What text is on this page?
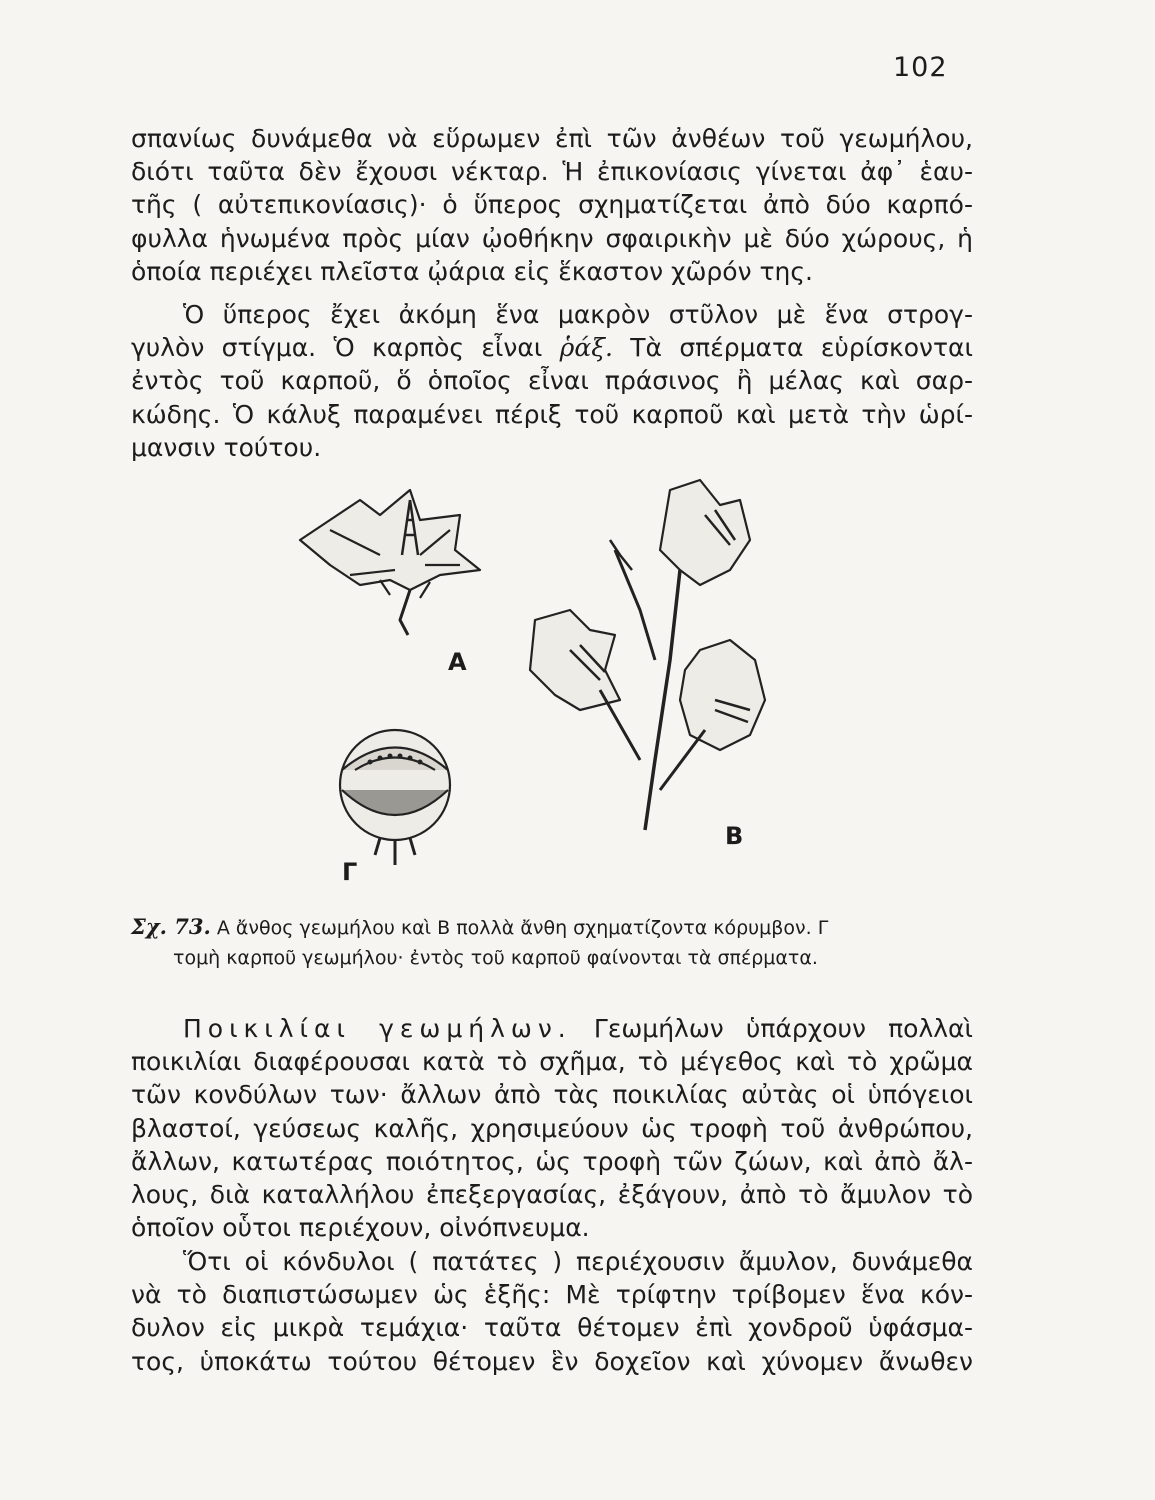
102
σπανίως δυνάμεθα νὰ εὕρωμεν ἐπὶ τῶν ἀνθέων τοῦ γεωμήλου,
διότι ταῦτα δὲν ἔχουσι νέκταρ. Ἡ ἐπικονίασις γίνεται ἀφ᾽ ἑαυ-
τῆς ( αὐτεπικονίασις)· ὁ ὕπερος σχηματίζεται ἀπὸ δύο καρπό-
φυλλα ἡνωμένα πρὸς μίαν ᾠοθήκην σφαιρικὴν μὲ δύο χώρους, ἡ
ὁποία περιέχει πλεῖστα ᾠάρια εἰς ἕκαστον χῶρόν της.
Ὁ ὕπερος ἔχει ἀκόμη ἕνα μακρὸν στῦλον μὲ ἕνα στρογ-
γυλὸν στίγμα. Ὁ καρπὸς εἶναι ῥάξ. Τὰ σπέρματα εὑρίσκονται
ἐντὸς τοῦ καρποῦ, ὅ ὁποῖος εἶναι πράσινος ἢ μέλας καὶ σαρ-
κώδης. Ὁ κάλυξ παραμένει πέριξ τοῦ καρποῦ καὶ μετὰ τὴν ὡρί-
μανσιν τούτου.
Α
Β
Γ
Σχ. 73. Α ἄνθος γεωμήλου καὶ Β πολλὰ ἄνθη σχηματίζοντα κόρυμβον. Γ
τομὴ καρποῦ γεωμήλου· ἐντὸς τοῦ καρποῦ φαίνονται τὰ σπέρματα.
Ποικιλίαι γεωμήλων. Γεωμήλων ὑπάρχουν πολλαὶ
ποικιλίαι διαφέρουσαι κατὰ τὸ σχῆμα, τὸ μέγεθος καὶ τὸ χρῶμα
τῶν κονδύλων των· ἄλλων ἀπὸ τὰς ποικιλίας αὐτὰς οἱ ὑπόγειοι
βλαστοί, γεύσεως καλῆς, χρησιμεύουν ὡς τροφὴ τοῦ ἀνθρώπου,
ἄλλων, κατωτέρας ποιότητος, ὡς τροφὴ τῶν ζώων, καὶ ἀπὸ ἄλ-
λους, διὰ καταλλήλου ἐπεξεργασίας, ἐξάγουν, ἀπὸ τὸ ἄμυλον τὸ
ὁποῖον οὗτοι περιέχουν, οἰνόπνευμα.
Ὅτι οἱ κόνδυλοι ( πατάτες ) περιέχουσιν ἄμυλον, δυνάμεθα
νὰ τὸ διαπιστώσωμεν ὡς ἑξῆς: Μὲ τρίφτην τρίβομεν ἕνα κόν-
δυλον εἰς μικρὰ τεμάχια· ταῦτα θέτομεν ἐπὶ χονδροῦ ὑφάσμα-
τος, ὑποκάτω τούτου θέτομεν ἓν δοχεῖον καὶ χύνομεν ἄνωθεν
